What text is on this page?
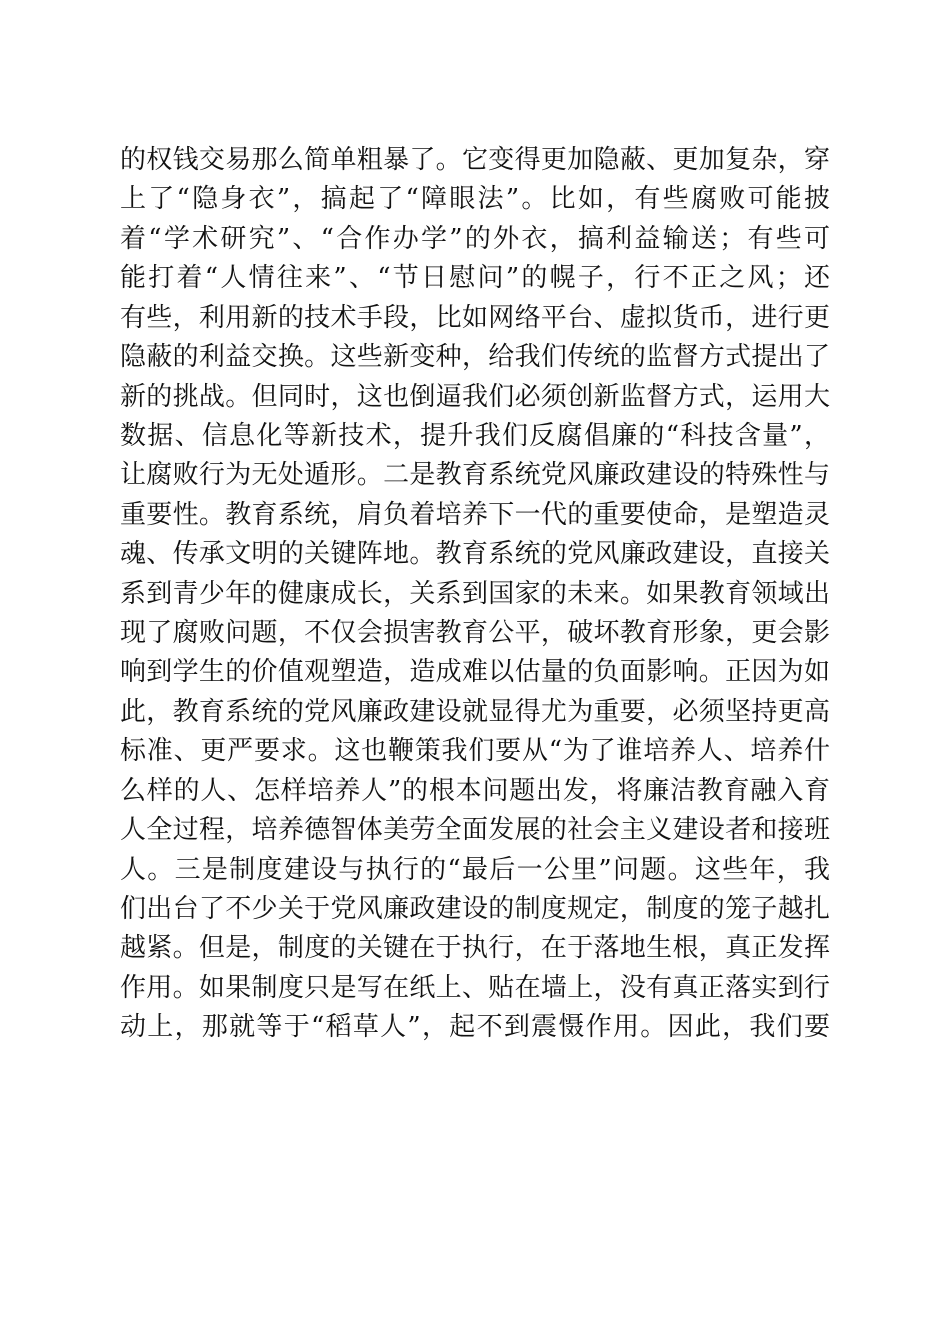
的权钱交易那么简单粗暴了。它变得更加隐蔽、更加复杂，穿
上了“隐身衣”，搞起了“障眼法”。比如，有些腐败可能披
着“学术研究”、“合作办学”的外衣，搞利益输送；有些可
能打着“人情往来”、“节日慰问”的幌子，行不正之风；还
有些，利用新的技术手段，比如网络平台、虚拟货币，进行更
隐蔽的利益交换。这些新变种，给我们传统的监督方式提出了
新的挑战。但同时，这也倒逼我们必须创新监督方式，运用大
数据、信息化等新技术，提升我们反腐倡廉的“科技含量”，
让腐败行为无处遁形。二是教育系统党风廉政建设的特殊性与
重要性。教育系统，肩负着培养下一代的重要使命，是塑造灵
魂、传承文明的关键阵地。教育系统的党风廉政建设，直接关
系到青少年的健康成长，关系到国家的未来。如果教育领域出
现了腐败问题，不仅会损害教育公平，破坏教育形象，更会影
响到学生的价值观塑造，造成难以估量的负面影响。正因为如
此，教育系统的党风廉政建设就显得尤为重要，必须坚持更高
标准、更严要求。这也鞭策我们要从“为了谁培养人、培养什
么样的人、怎样培养人”的根本问题出发，将廉洁教育融入育
人全过程，培养德智体美劳全面发展的社会主义建设者和接班
人。三是制度建设与执行的“最后一公里”问题。这些年，我
们出台了不少关于党风廉政建设的制度规定，制度的笼子越扎
越紧。但是，制度的关键在于执行，在于落地生根，真正发挥
作用。如果制度只是写在纸上、贴在墙上，没有真正落实到行
动上，那就等于“稻草人”，起不到震慑作用。因此，我们要
